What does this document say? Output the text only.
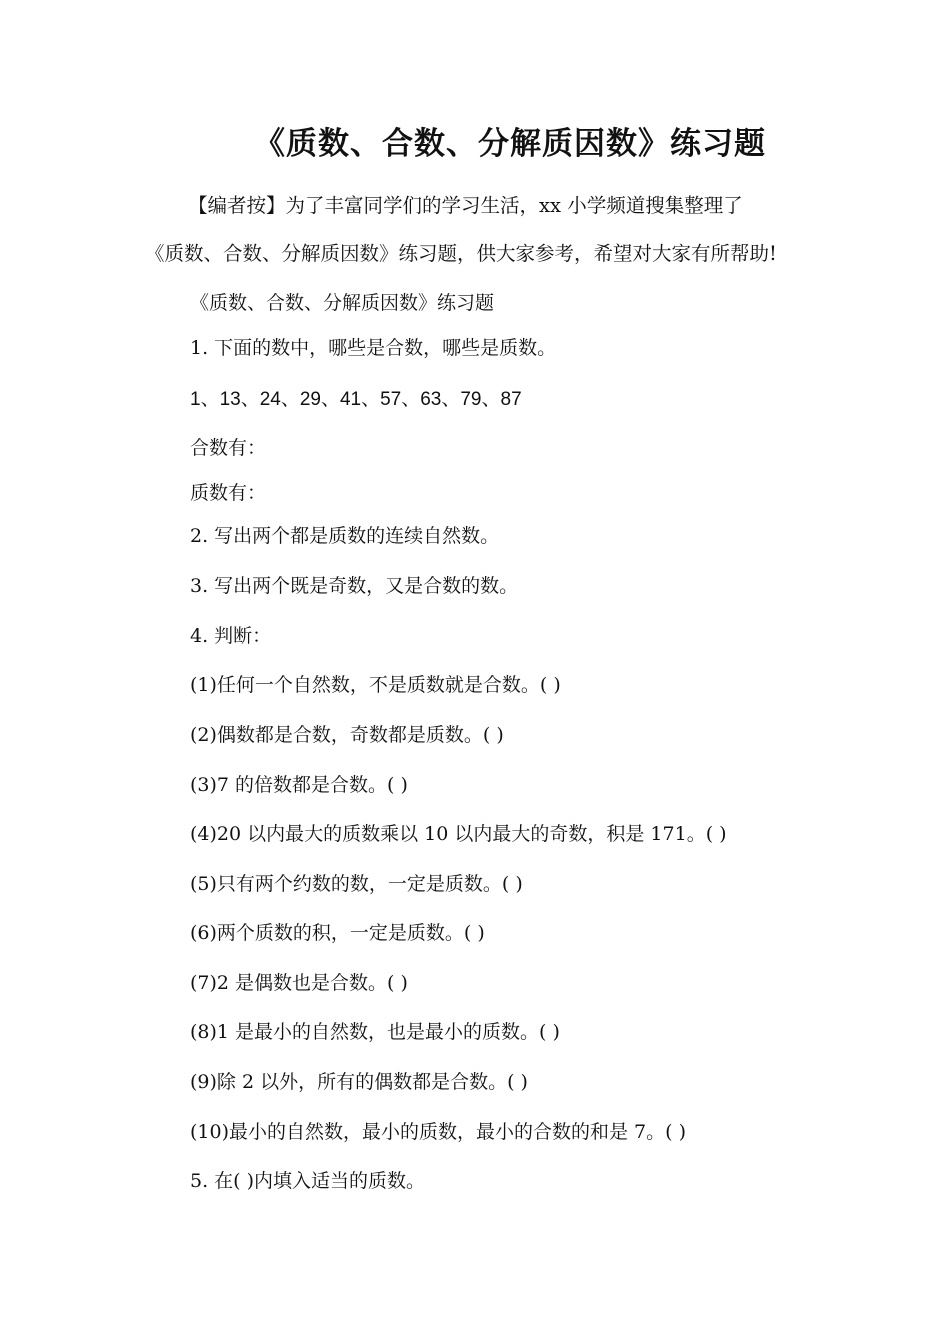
《质数、合数、分解质因数》练习题
【编者按】为了丰富同学们的学习生活，xx 小学频道搜集整理了
《质数、合数、分解质因数》练习题，供大家参考，希望对大家有所帮助!
《质数、合数、分解质因数》练习题
1. 下面的数中，哪些是合数，哪些是质数。
1、13、24、29、41、57、63、79、87
合数有：
质数有：
2. 写出两个都是质数的连续自然数。
3. 写出两个既是奇数，又是合数的数。
4. 判断：
(1)任何一个自然数，不是质数就是合数。( )
(2)偶数都是合数，奇数都是质数。( )
(3)7 的倍数都是合数。( )
(4)20 以内最大的质数乘以 10 以内最大的奇数，积是 171。( )
(5)只有两个约数的数，一定是质数。( )
(6)两个质数的积，一定是质数。( )
(7)2 是偶数也是合数。( )
(8)1 是最小的自然数，也是最小的质数。( )
(9)除 2 以外，所有的偶数都是合数。( )
(10)最小的自然数，最小的质数，最小的合数的和是 7。( )
5. 在( )内填入适当的质数。
